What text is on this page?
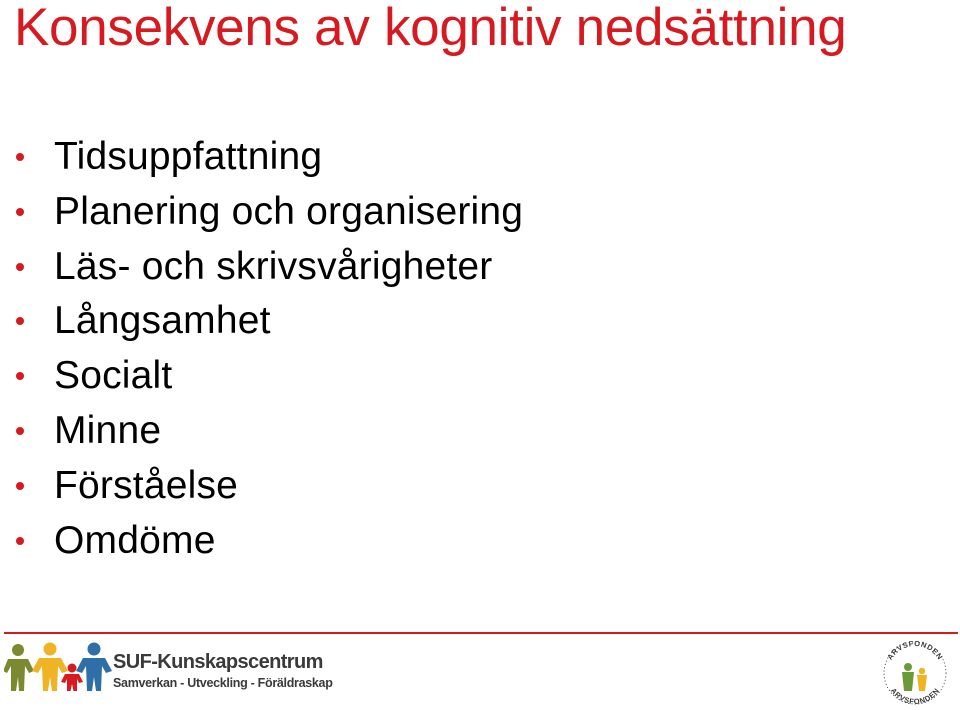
Konsekvens av kognitiv nedsättning
Tidsuppfattning
Planering och organisering
Läs- och skrivsvårigheter
Långsamhet
Socialt
Minne
Förståelse
Omdöme
SUF-Kunskapscentrum
Samverkan - Utveckling - Föräldraskap
ARVSFONDEN
ARVSFONDEN
